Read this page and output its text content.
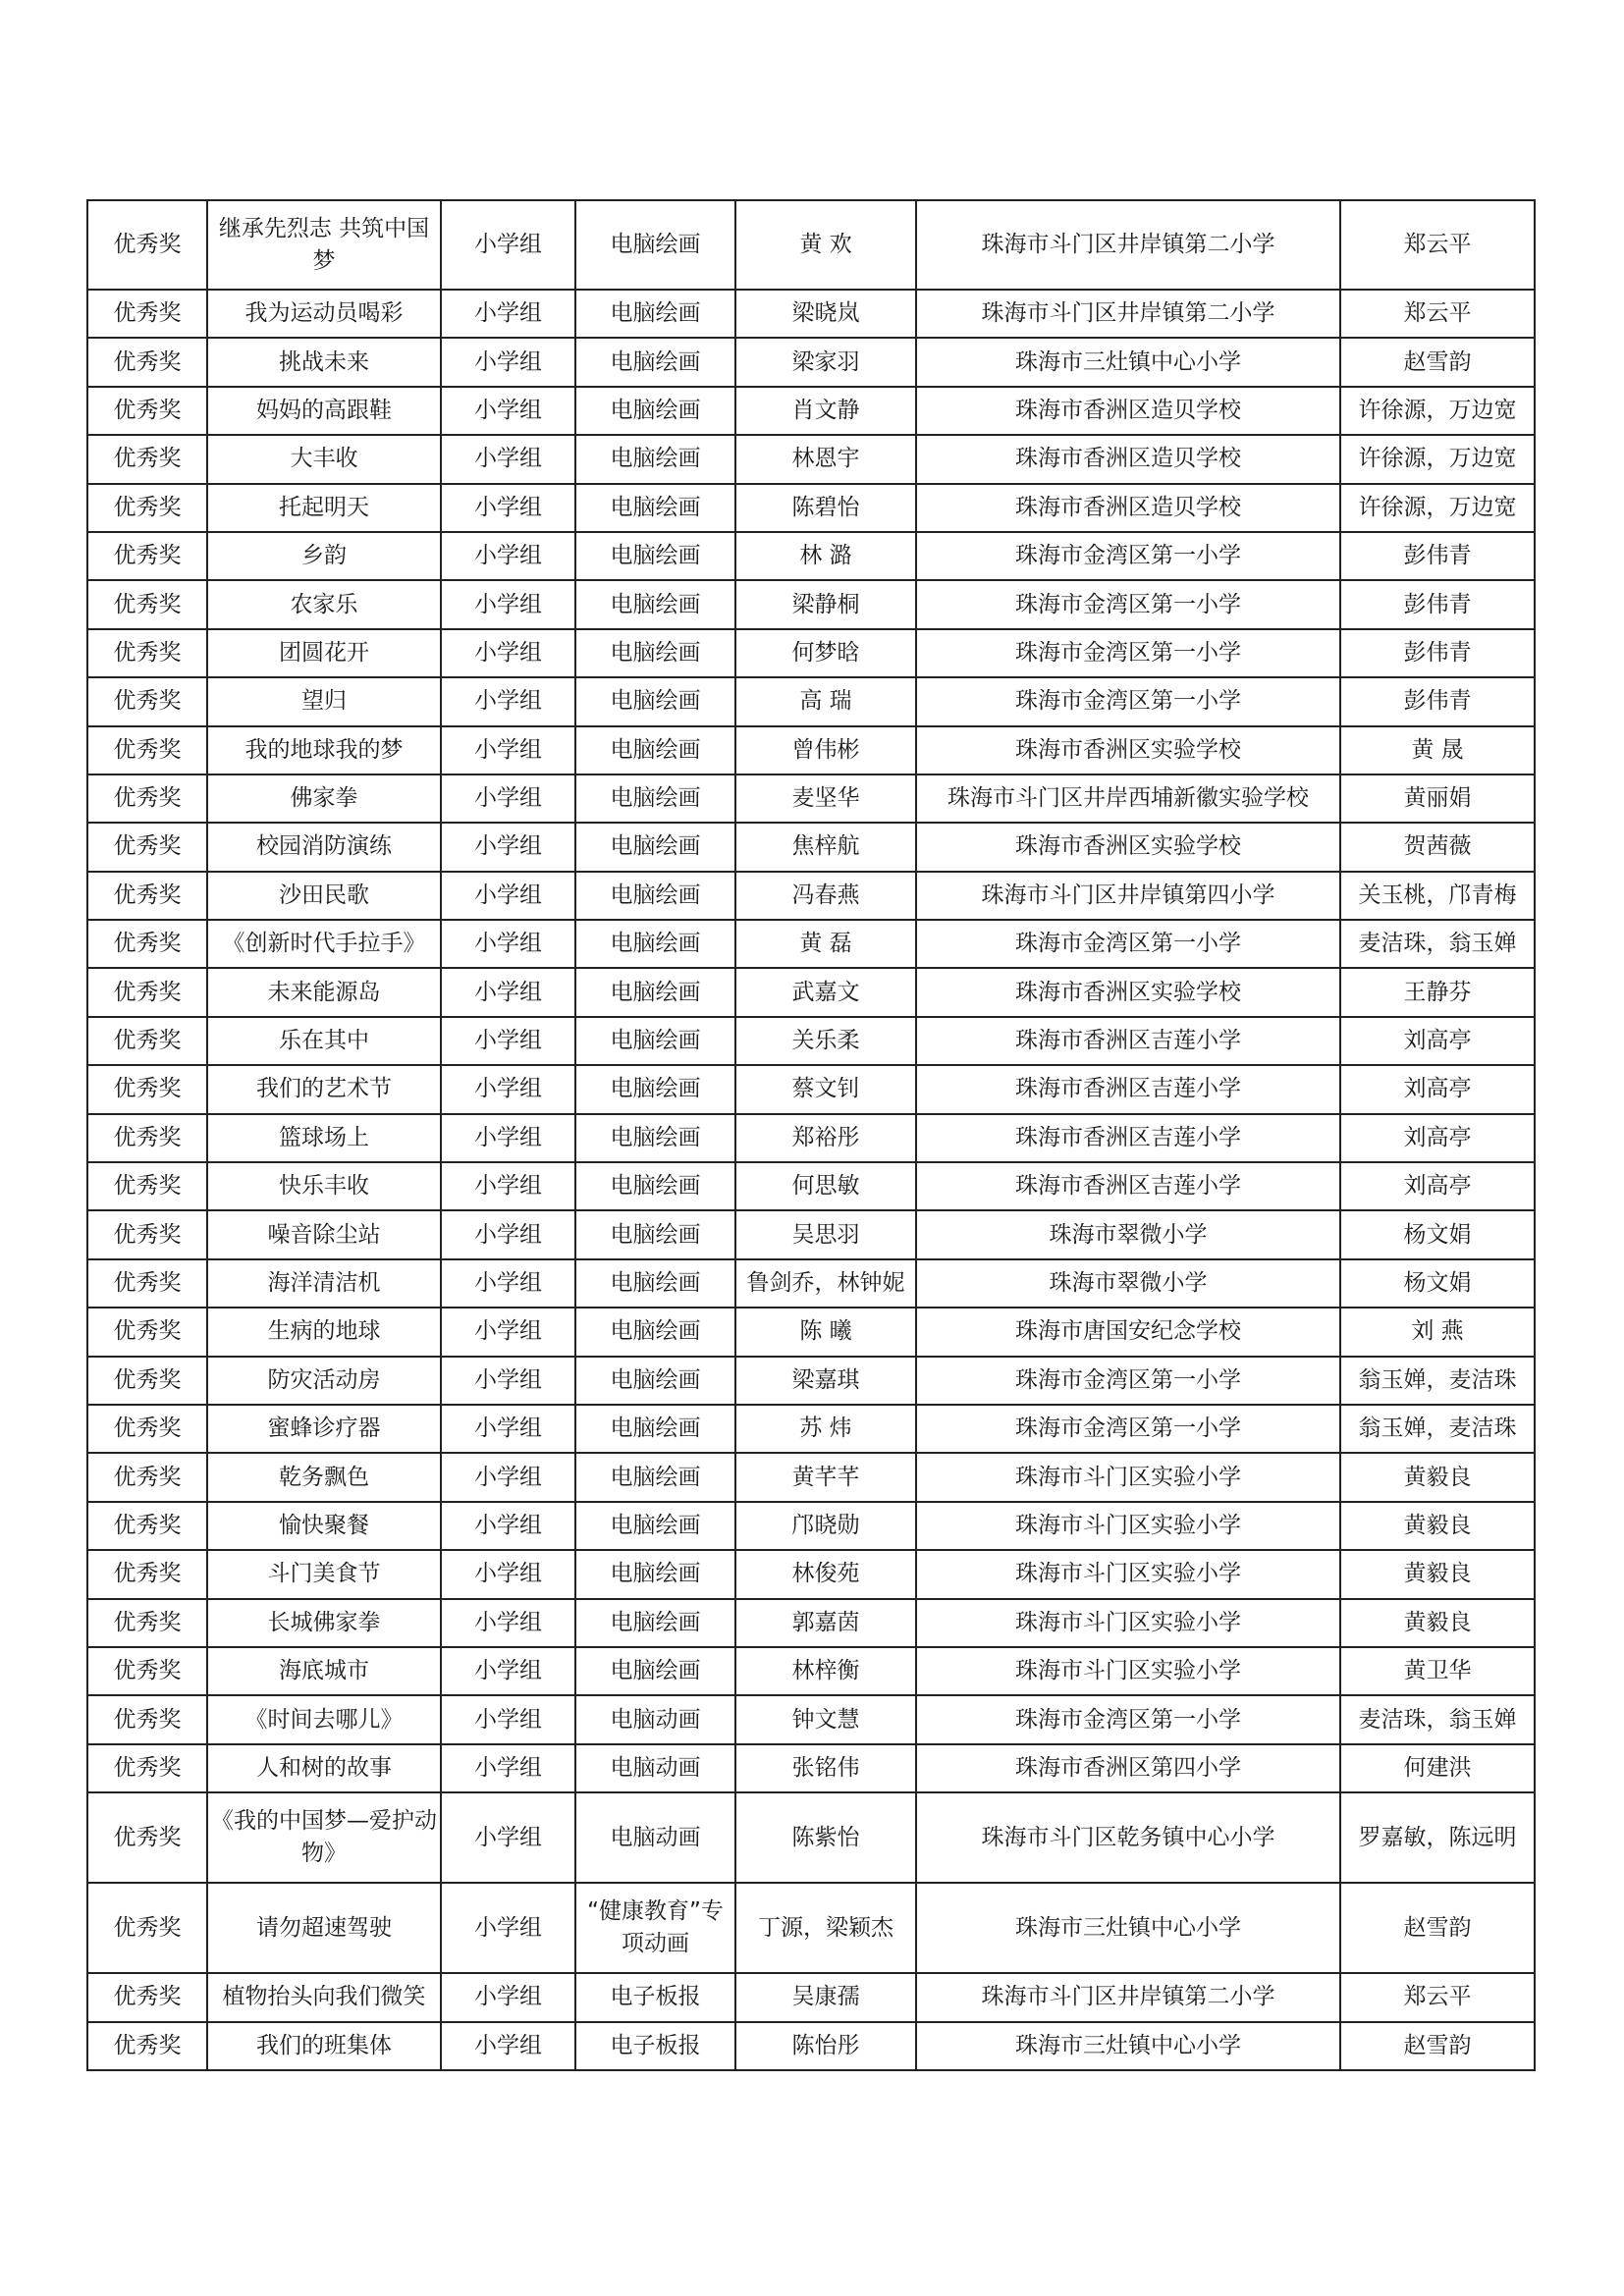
优秀奖	继承先烈志 共筑中国梦	小学组	电脑绘画	黄 欢	珠海市斗门区井岸镇第二小学	郑云平
优秀奖	我为运动员喝彩	小学组	电脑绘画	梁晓岚	珠海市斗门区井岸镇第二小学	郑云平
优秀奖	挑战未来	小学组	电脑绘画	梁家羽	珠海市三灶镇中心小学	赵雪韵
优秀奖	妈妈的高跟鞋	小学组	电脑绘画	肖文静	珠海市香洲区造贝学校	许徐源，万边宽
优秀奖	大丰收	小学组	电脑绘画	林恩宇	珠海市香洲区造贝学校	许徐源，万边宽
优秀奖	托起明天	小学组	电脑绘画	陈碧怡	珠海市香洲区造贝学校	许徐源，万边宽
优秀奖	乡韵	小学组	电脑绘画	林 潞	珠海市金湾区第一小学	彭伟青
优秀奖	农家乐	小学组	电脑绘画	梁静桐	珠海市金湾区第一小学	彭伟青
优秀奖	团圆花开	小学组	电脑绘画	何梦晗	珠海市金湾区第一小学	彭伟青
优秀奖	望归	小学组	电脑绘画	高 瑞	珠海市金湾区第一小学	彭伟青
优秀奖	我的地球我的梦	小学组	电脑绘画	曾伟彬	珠海市香洲区实验学校	黄 晟
优秀奖	佛家拳	小学组	电脑绘画	麦坚华	珠海市斗门区井岸西埔新徽实验学校	黄丽娟
优秀奖	校园消防演练	小学组	电脑绘画	焦梓航	珠海市香洲区实验学校	贺茜薇
优秀奖	沙田民歌	小学组	电脑绘画	冯春燕	珠海市斗门区井岸镇第四小学	关玉桃，邝青梅
优秀奖	《创新时代手拉手》	小学组	电脑绘画	黄 磊	珠海市金湾区第一小学	麦洁珠，翁玉婵
优秀奖	未来能源岛	小学组	电脑绘画	武嘉文	珠海市香洲区实验学校	王静芬
优秀奖	乐在其中	小学组	电脑绘画	关乐柔	珠海市香洲区吉莲小学	刘高亭
优秀奖	我们的艺术节	小学组	电脑绘画	蔡文钊	珠海市香洲区吉莲小学	刘高亭
优秀奖	篮球场上	小学组	电脑绘画	郑裕彤	珠海市香洲区吉莲小学	刘高亭
优秀奖	快乐丰收	小学组	电脑绘画	何思敏	珠海市香洲区吉莲小学	刘高亭
优秀奖	噪音除尘站	小学组	电脑绘画	吴思羽	珠海市翠微小学	杨文娟
优秀奖	海洋清洁机	小学组	电脑绘画	鲁剑乔，林钟妮	珠海市翠微小学	杨文娟
优秀奖	生病的地球	小学组	电脑绘画	陈 曦	珠海市唐国安纪念学校	刘 燕
优秀奖	防灾活动房	小学组	电脑绘画	梁嘉琪	珠海市金湾区第一小学	翁玉婵，麦洁珠
优秀奖	蜜蜂诊疗器	小学组	电脑绘画	苏 炜	珠海市金湾区第一小学	翁玉婵，麦洁珠
优秀奖	乾务飘色	小学组	电脑绘画	黄芊芊	珠海市斗门区实验小学	黄毅良
优秀奖	愉快聚餐	小学组	电脑绘画	邝晓勋	珠海市斗门区实验小学	黄毅良
优秀奖	斗门美食节	小学组	电脑绘画	林俊苑	珠海市斗门区实验小学	黄毅良
优秀奖	长城佛家拳	小学组	电脑绘画	郭嘉茵	珠海市斗门区实验小学	黄毅良
优秀奖	海底城市	小学组	电脑绘画	林梓衡	珠海市斗门区实验小学	黄卫华
优秀奖	《时间去哪儿》	小学组	电脑动画	钟文慧	珠海市金湾区第一小学	麦洁珠，翁玉婵
优秀奖	人和树的故事	小学组	电脑动画	张铭伟	珠海市香洲区第四小学	何建洪
优秀奖	《我的中国梦—爱护动物》	小学组	电脑动画	陈紫怡	珠海市斗门区乾务镇中心小学	罗嘉敏，陈远明
优秀奖	请勿超速驾驶	小学组	“健康教育”专项动画	丁源，梁颖杰	珠海市三灶镇中心小学	赵雪韵
优秀奖	植物抬头向我们微笑	小学组	电子板报	吴康孺	珠海市斗门区井岸镇第二小学	郑云平
优秀奖	我们的班集体	小学组	电子板报	陈怡彤	珠海市三灶镇中心小学	赵雪韵
